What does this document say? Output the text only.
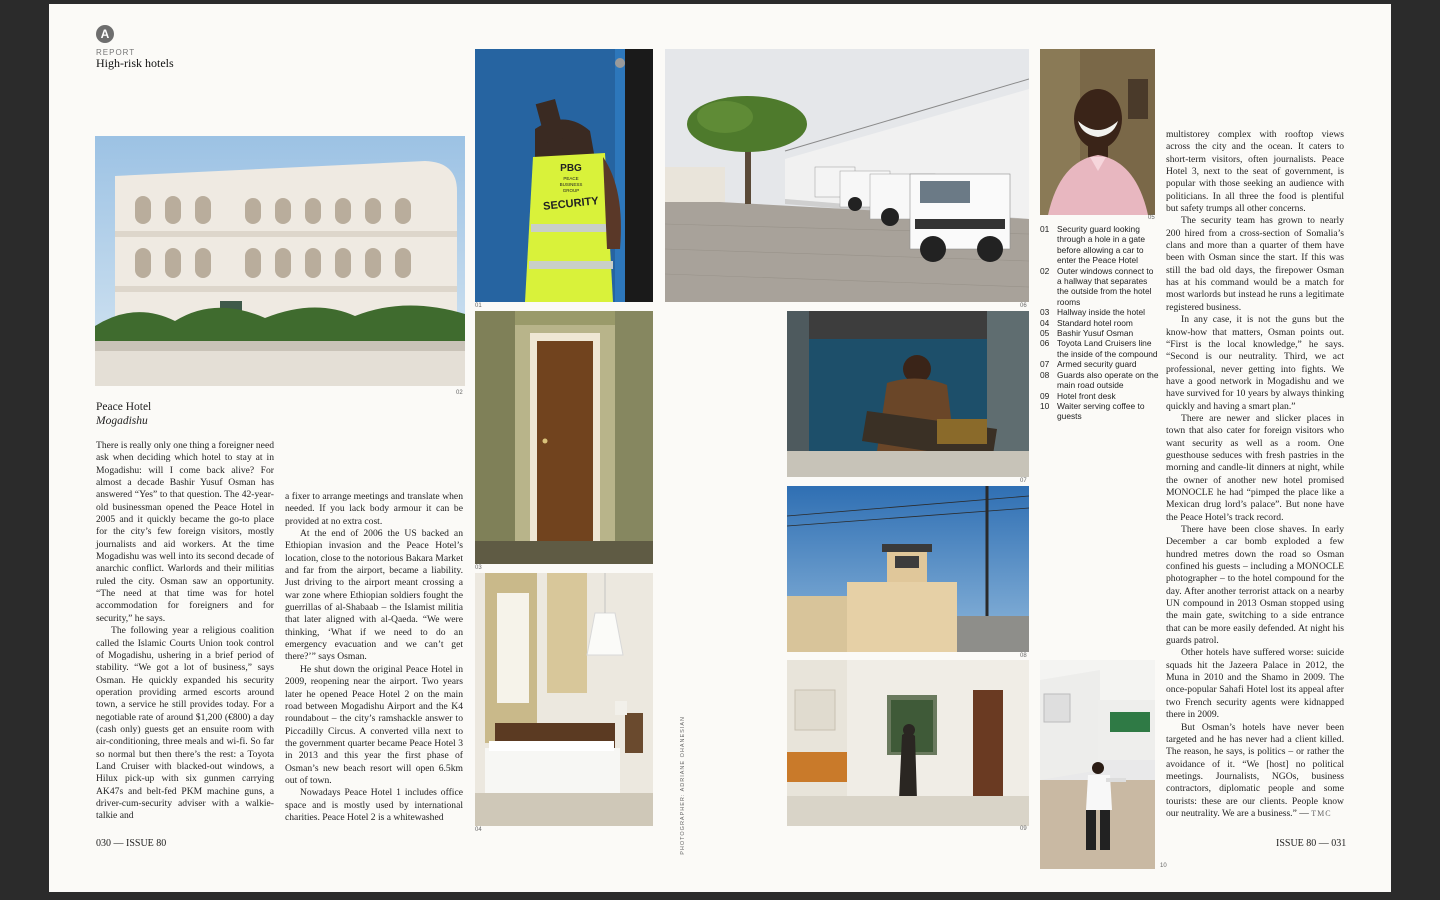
A
REPORT
High-risk hotels
02
Peace Hotel
Mogadishu

There is really only one thing a foreigner need ask when deciding which hotel to stay at in Mogadishu: will I come back alive? For almost a decade Bashir Yusuf Osman has answered “Yes” to that question. The 42-year-old businessman opened the Peace Hotel in 2005 and it quickly became the go-to place for the city’s few foreign visitors, mostly journalists and aid workers. At the time Mogadishu was well into its second decade of anarchic conflict. Warlords and their militias ruled the city. Osman saw an opportunity. “The need at that time was for hotel accommodation for foreigners and for security,” he says.

The following year a religious coalition called the Islamic Courts Union took control of Mogadishu, ushering in a brief period of stability. “We got a lot of business,” says Osman. He quickly expanded his security operation providing armed escorts around town, a service he still provides today. For a negotiable rate of around $1,200 (€800) a day (cash only) guests get an ensuite room with air-conditioning, three meals and wi-fi. So far so normal but then there’s the rest: a Toyota Land Cruiser with blacked-out windows, a Hilux pick-up with six gunmen carrying AK47s and belt-fed PKM machine guns, a driver-cum-security adviser with a walkie-talkie and

a fixer to arrange meetings and translate when needed. If you lack body armour it can be provided at no extra cost.

At the end of 2006 the US backed an Ethiopian invasion and the Peace Hotel’s location, close to the notorious Bakara Market and far from the airport, became a liability. Just driving to the airport meant crossing a war zone where Ethiopian soldiers fought the guerrillas of al-Shabaab – the Islamist militia that later aligned with al-Qaeda. “We were thinking, ‘What if we need to do an emergency evacuation and we can’t get there?’” says Osman.

He shut down the original Peace Hotel in 2009, reopening near the airport. Two years later he opened Peace Hotel 2 on the main road between Mogadishu Airport and the K4 roundabout – the city’s ramshackle answer to Piccadilly Circus. A converted villa next to the government quarter became Peace Hotel 3 in 2013 and this year the first phase of Osman’s new beach resort will open 6.5km out of town.

Nowadays Peace Hotel 1 includes office space and is mostly used by international charities. Peace Hotel 2 is a whitewashed

030 — ISSUE 80
PBG
PEACE
BUSINESS
GROUP
SECURITY
01
03
04	PHOTOGRAPHER: ADRIANE OHANESIAN
06
07
08
09
05
01 Security guard looking through a hole in a gate before allowing a car to enter the Peace Hotel
02 Outer windows connect to a hallway that separates the outside from the hotel rooms
03 Hallway inside the hotel
04 Standard hotel room
05 Bashir Yusuf Osman
06 Toyota Land Cruisers line the inside of the compound
07 Armed security guard
08 Guards also operate on the main road outside
09 Hotel front desk
10 Waiter serving coffee to guests
10

multistorey complex with rooftop views across the city and the ocean. It caters to short-term visitors, often journalists. Peace Hotel 3, next to the seat of government, is popular with those seeking an audience with politicians. In all three the food is plentiful but safety trumps all other concerns.

The security team has grown to nearly 200 hired from a cross-section of Somalia’s clans and more than a quarter of them have been with Osman since the start. If this was still the bad old days, the firepower Osman has at his command would be a match for most warlords but instead he runs a legitimate registered business.

In any case, it is not the guns but the know-how that matters, Osman points out. “First is the local knowledge,” he says. “Second is our neutrality. Third, we act professional, never getting into fights. We have a good network in Mogadishu and we have survived for 10 years by always thinking quickly and having a smart plan.”

There are newer and slicker places in town that also cater for foreign visitors who want security as well as a room. One guesthouse seduces with fresh pastries in the morning and candle-lit dinners at night, while the owner of another new hotel promised MONOCLE he had “pimped the place like a Mexican drug lord’s palace”. But none have the Peace Hotel’s track record.

There have been close shaves. In early December a car bomb exploded a few hundred metres down the road so Osman confined his guests – including a MONOCLE photographer – to the hotel compound for the day. After another terrorist attack on a nearby UN compound in 2013 Osman stopped using the main gate, switching to a side entrance that can be more easily defended. At night his guards patrol.

Other hotels have suffered worse: suicide squads hit the Jazeera Palace in 2012, the Muna in 2010 and the Shamo in 2009. The once-popular Sahafi Hotel lost its appeal after two French security agents were kidnapped there in 2009.

But Osman’s hotels have never been targeted and he has never had a client killed. The reason, he says, is politics – or rather the avoidance of it. “We [host] no political meetings. Journalists, NGOs, business contractors, diplomatic people and some tourists: these are our clients. People know our neutrality. We are a business.” — TMC

ISSUE 80 — 031
